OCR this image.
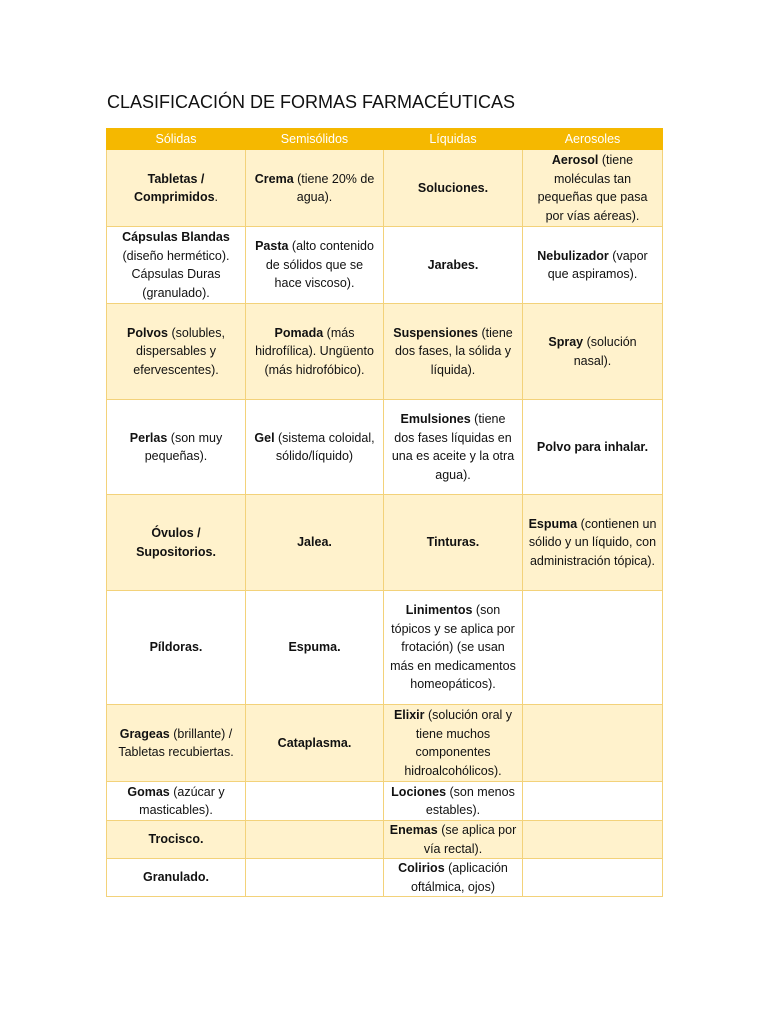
CLASIFICACIÓN DE FORMAS FARMACÉUTICAS
Sólidas	Semisólidos	Líquidas	Aerosoles
Tabletas / Comprimidos.	Crema (tiene 20% de agua).	Soluciones.	Aerosol (tiene moléculas tan pequeñas que pasa por vías aéreas).
Cápsulas Blandas (diseño hermético). Cápsulas Duras (granulado).	Pasta (alto contenido de sólidos que se hace viscoso).	Jarabes.	Nebulizador (vapor que aspiramos).
Polvos (solubles, dispersables y efervescentes).	Pomada (más hidrofílica). Ungüento (más hidrofóbico).	Suspensiones (tiene dos fases, la sólida y líquida).	Spray (solución nasal).
Perlas (son muy pequeñas).	Gel (sistema coloidal, sólido/líquido)	Emulsiones (tiene dos fases líquidas en una es aceite y la otra agua).	Polvo para inhalar.
Óvulos / Supositorios.	Jalea.	Tinturas.	Espuma (contienen un sólido y un líquido, con administración tópica).
Píldoras.	Espuma.	Linimentos (son tópicos y se aplica por frotación) (se usan más en medicamentos homeopáticos).	
Grageas (brillante) / Tabletas recubiertas.	Cataplasma.	Elixir (solución oral y tiene muchos componentes hidroalcohólicos).	
Gomas (azúcar y masticables).		Lociones (son menos estables).	
Trocisco.		Enemas (se aplica por vía rectal).	
Granulado.		Colirios (aplicación oftálmica, ojos)	
